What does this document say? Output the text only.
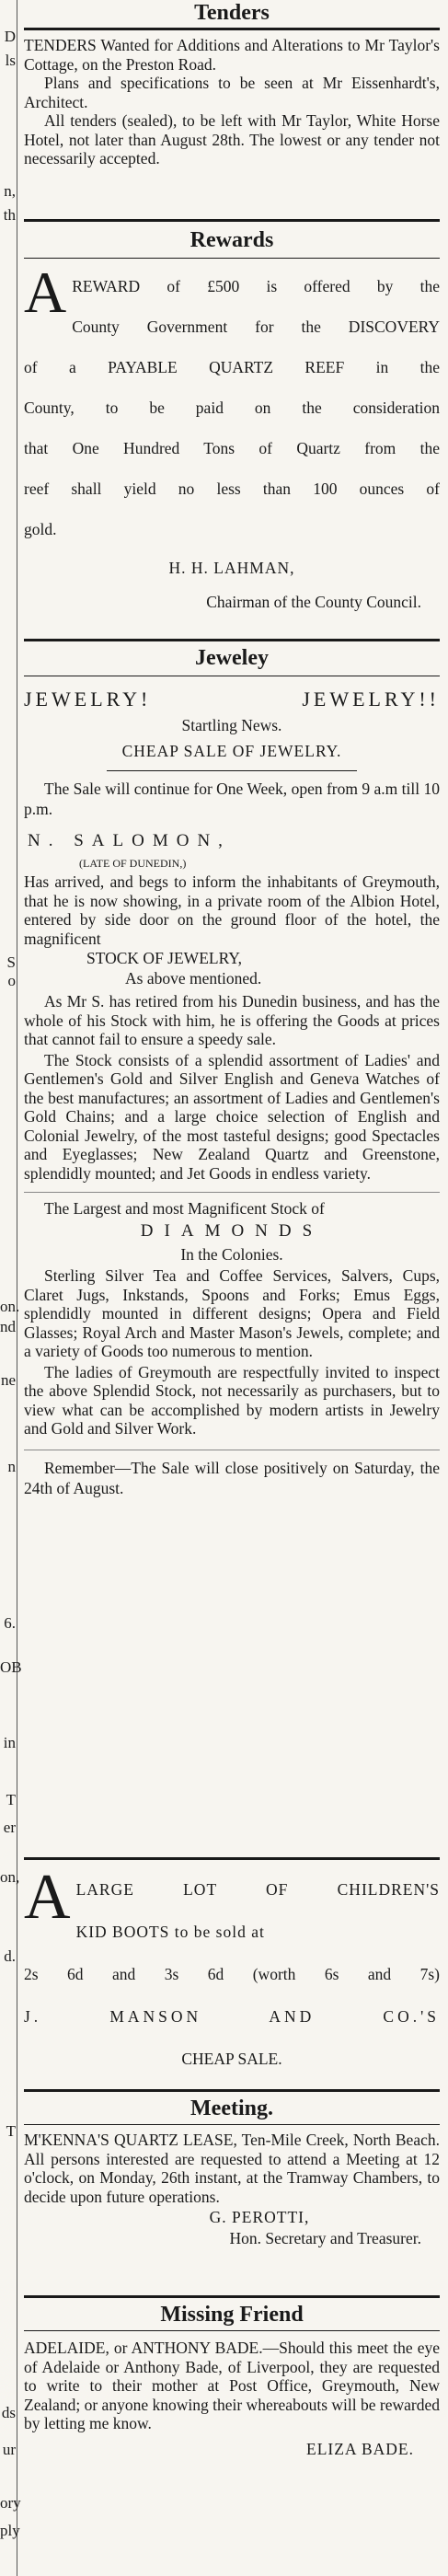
D
ls
n,
th
S
o
on.
nd
ne
n
6.
OB
in
T
er
on,
d.
T
ds
ur
ory
ply
Tenders

TENDERS Wanted for Additions and Alterations to Mr Taylor's Cottage, on the Preston Road.

Plans and specifications to be seen at Mr Eissenhardt's, Architect.

All tenders (sealed), to be left with Mr Taylor, White Horse Hotel, not later than August 28th. The lowest or any tender not necessarily accepted.

Rewards
A REWARD of £500 is offered by the
County Government for the DISCOVERY
of a PAYABLE QUARTZ REEF in the
County, to be paid on the consideration
that One Hundred Tons of Quartz from the
reef shall yield no less than 100 ounces of
gold.
H. H. LAHMAN,
Chairman of the County Council.
Jeweley
JEWELRY! JEWELRY!!
Startling News.
CHEAP SALE OF JEWELRY.

The Sale will continue for One Week, open from 9 a.m till 10 p.m.

N. SALOMON,
(LATE OF DUNEDIN,)

Has arrived, and begs to inform the inhabitants of Greymouth, that he is now showing, in a private room of the Albion Hotel, entered by side door on the ground floor of the hotel, the magnificent

STOCK OF JEWELRY,
As above mentioned.

As Mr S. has retired from his Dunedin business, and has the whole of his Stock with him, he is offering the Goods at prices that cannot fail to ensure a speedy sale.

The Stock consists of a splendid assortment of Ladies' and Gentlemen's Gold and Silver English and Geneva Watches of the best manufactures; an assortment of Ladies and Gentlemen's Gold Chains; and a large choice selection of English and Colonial Jewelry, of the most tasteful designs; good Spectacles and Eyeglasses; New Zealand Quartz and Greenstone, splendidly mounted; and Jet Goods in endless variety.

The Largest and most Magnificent Stock of

DIAMONDS
In the Colonies.

Sterling Silver Tea and Coffee Services, Salvers, Cups, Claret Jugs, Inkstands, Spoons and Forks; Emus Eggs, splendidly mounted in different designs; Opera and Field Glasses; Royal Arch and Master Mason's Jewels, complete; and a variety of Goods too numerous to mention.

The ladies of Greymouth are respectfully invited to inspect the above Splendid Stock, not necessarily as purchasers, but to view what can be accomplished by modern artists in Jewelry and Gold and Silver Work.

Remember—The Sale will close positively on Saturday, the 24th of August.

A LARGE LOT OF CHILDREN'S
KID BOOTS to be sold at
2s 6d and 3s 6d (worth 6s and 7s)
J. MANSON AND CO.'S
CHEAP SALE.
Meeting.

M'KENNA'S QUARTZ LEASE, Ten-Mile Creek, North Beach. All persons interested are requested to attend a Meeting at 12 o'clock, on Monday, 26th instant, at the Tramway Chambers, to decide upon future operations.

G. PEROTTI,
Hon. Secretary and Treasurer.
Missing Friend

ADELAIDE, or ANTHONY BADE.—Should this meet the eye of Adelaide or Anthony Bade, of Liverpool, they are requested to write to their mother at Post Office, Greymouth, New Zealand; or anyone knowing their whereabouts will be rewarded by letting me know.

ELIZA BADE.
